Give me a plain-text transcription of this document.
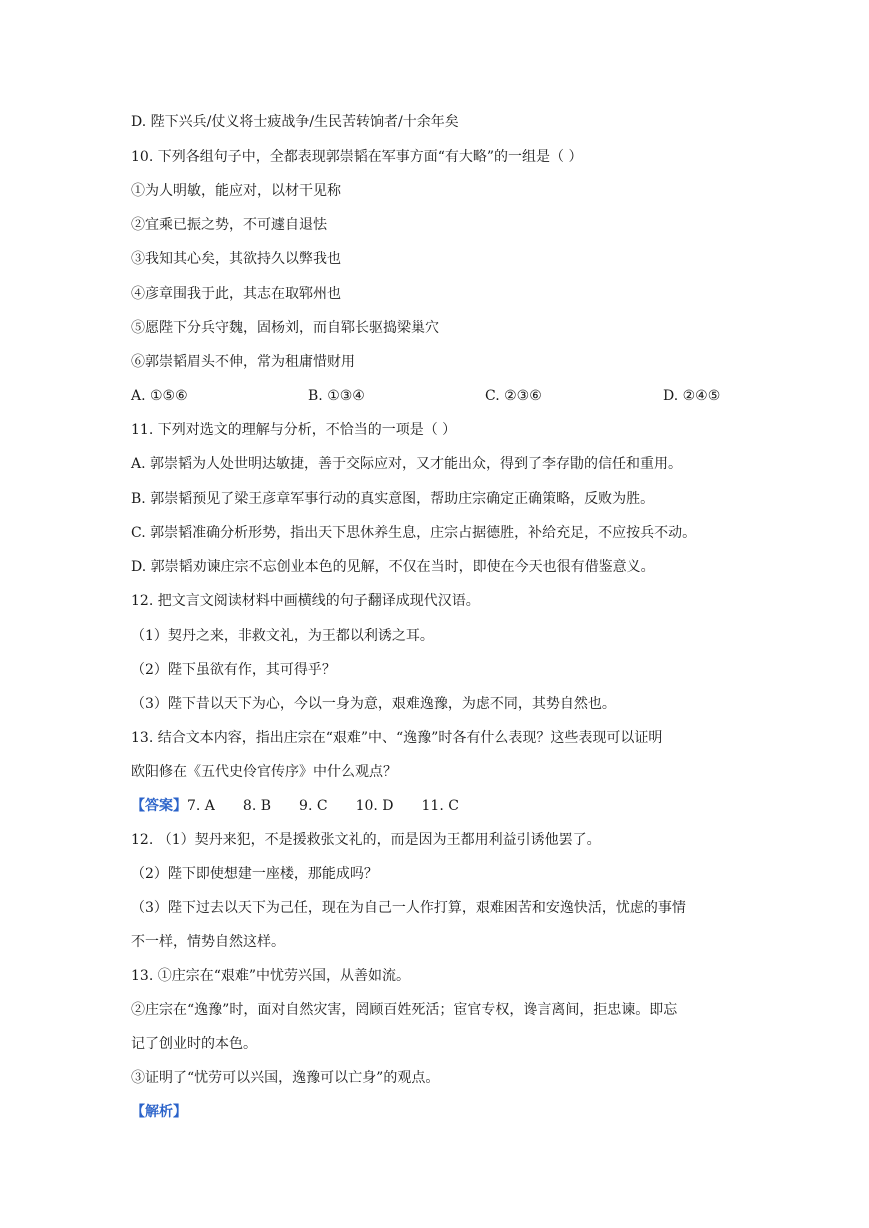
D. 陛下兴兵/仗义将士疲战争/生民苦转饷者/十余年矣
10. 下列各组句子中，全都表现郭崇韬在军事方面“有大略”的一组是（ ）
①为人明敏，能应对，以材干见称
②宜乘已振之势，不可遽自退怯
③我知其心矣，其欲持久以弊我也
④彦章围我于此，其志在取郓州也
⑤愿陛下分兵守魏，固杨刘，而自郓长驱捣梁巢穴
⑥郭崇韬眉头不伸，常为租庸惜财用
A. ①⑤⑥	B. ①③④	C. ②③⑥	D. ②④⑤
11. 下列对选文的理解与分析，不恰当的一项是（ ）
A. 郭崇韬为人处世明达敏捷，善于交际应对，又才能出众，得到了李存勖的信任和重用。
B. 郭崇韬预见了梁王彦章军事行动的真实意图，帮助庄宗确定正确策略，反败为胜。
C. 郭崇韬准确分析形势，指出天下思休养生息，庄宗占据德胜，补给充足，不应按兵不动。
D. 郭崇韬劝谏庄宗不忘创业本色的见解，不仅在当时，即使在今天也很有借鉴意义。
12. 把文言文阅读材料中画横线的句子翻译成现代汉语。
（1）契丹之来，非救文礼，为王都以利诱之耳。
（2）陛下虽欲有作，其可得乎？
（3）陛下昔以天下为心，今以一身为意，艰难逸豫，为虑不同，其势自然也。
13. 结合文本内容，指出庄宗在“艰难”中、“逸豫”时各有什么表现？这些表现可以证明
欧阳修在《五代史伶官传序》中什么观点？
【答案】7. A 8. B 9. C 10. D 11. C
12. （1）契丹来犯，不是援救张文礼的，而是因为王都用利益引诱他罢了。
（2）陛下即使想建一座楼，那能成吗？
（3）陛下过去以天下为己任，现在为自己一人作打算，艰难困苦和安逸快活，忧虑的事情
不一样，情势自然这样。
13. ①庄宗在“艰难”中忧劳兴国，从善如流。
②庄宗在“逸豫”时，面对自然灾害，罔顾百姓死活；宦官专权，谗言离间，拒忠谏。即忘
记了创业时的本色。
③证明了“忧劳可以兴国，逸豫可以亡身”的观点。
【解析】
